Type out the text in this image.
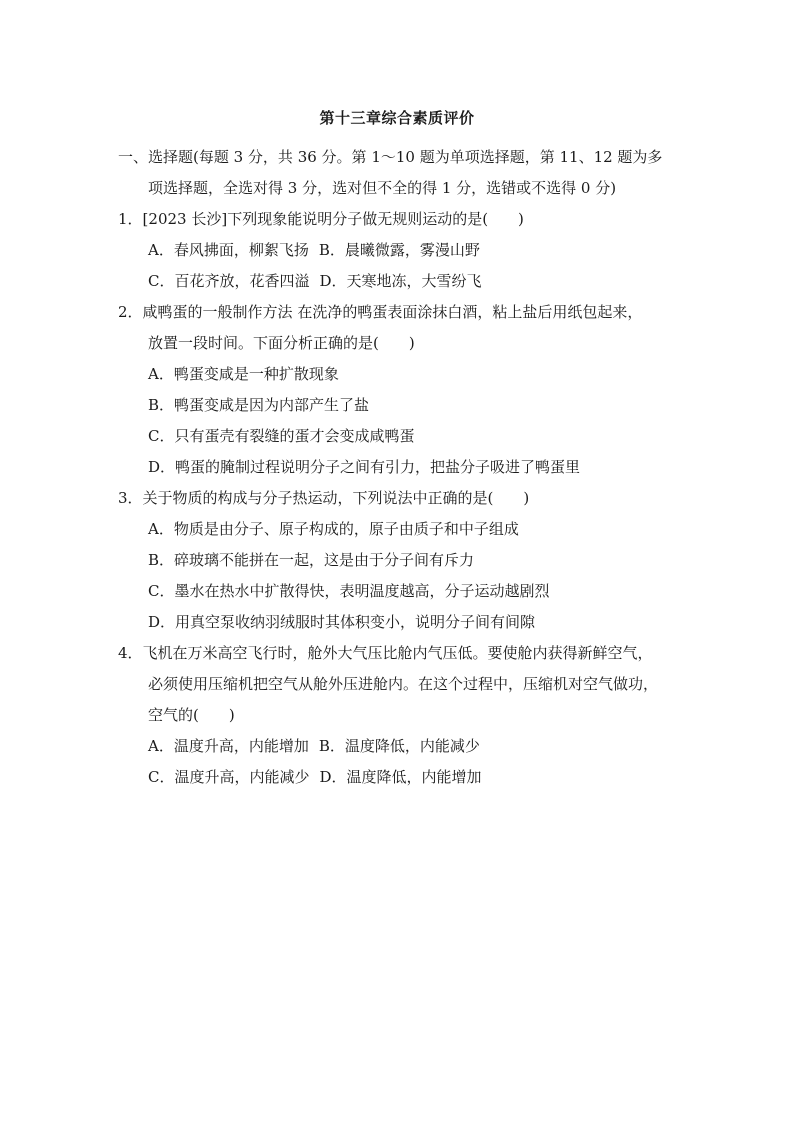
第十三章综合素质评价

一、选择题(每题 3 分，共 36 分。第 1～10 题为单项选择题，第 11、12 题为多

项选择题，全选对得 3 分，选对但不全的得 1 分，选错或不选得 0 分)

1．[2023 长沙]下列现象能说明分子做无规则运动的是(　　)

A．春风拂面，柳絮飞扬 B．晨曦微露，雾漫山野

C．百花齐放，花香四溢 D．天寒地冻，大雪纷飞

2．咸鸭蛋的一般制作方法 在洗净的鸭蛋表面涂抹白酒，粘上盐后用纸包起来，

放置一段时间。下面分析正确的是(　　)

A．鸭蛋变咸是一种扩散现象

B．鸭蛋变咸是因为内部产生了盐

C．只有蛋壳有裂缝的蛋才会变成咸鸭蛋

D．鸭蛋的腌制过程说明分子之间有引力，把盐分子吸进了鸭蛋里

3．关于物质的构成与分子热运动，下列说法中正确的是(　　)

A．物质是由分子、原子构成的，原子由质子和中子组成

B．碎玻璃不能拼在一起，这是由于分子间有斥力

C．墨水在热水中扩散得快，表明温度越高，分子运动越剧烈

D．用真空泵收纳羽绒服时其体积变小，说明分子间有间隙

4．飞机在万米高空飞行时，舱外大气压比舱内气压低。要使舱内获得新鲜空气，

必须使用压缩机把空气从舱外压进舱内。在这个过程中，压缩机对空气做功，

空气的(　　)

A．温度升高，内能增加 B．温度降低，内能减少

C．温度升高，内能减少 D．温度降低，内能增加
